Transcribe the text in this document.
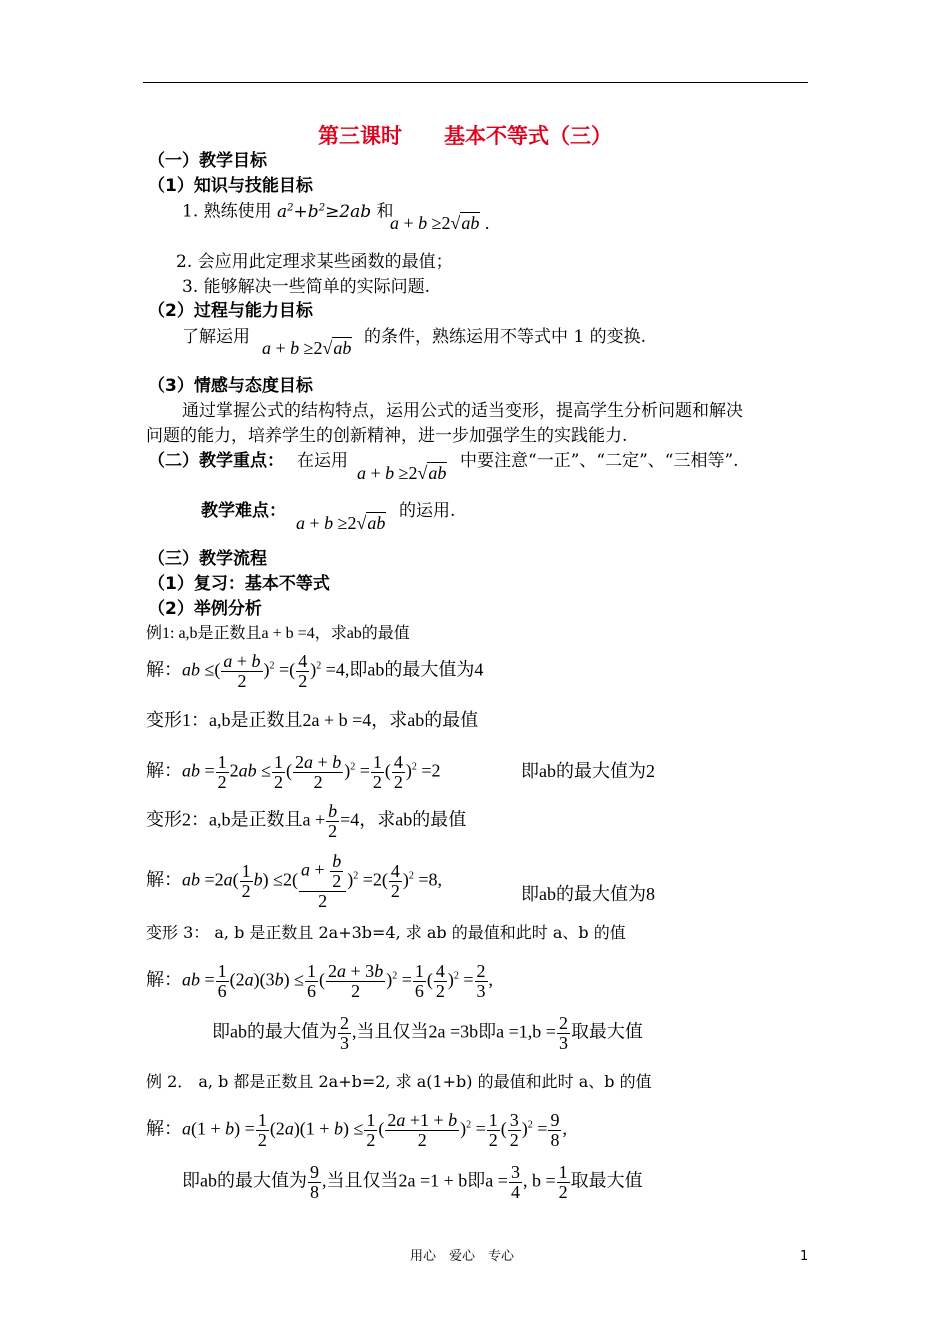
第三课时　　基本不等式（三）
（一）教学目标
（1）知识与技能目标
1. 熟练使用 $a^2+b^2\ge 2ab$ 和
a + b ≥2√ab .
2. 会应用此定理求某些函数的最值；
3. 能够解决一些简单的实际问题.
（2）过程与能力目标
了解运用
a + b ≥2√ab
的条件，熟练运用不等式中 1 的变换.
（3）情感与态度目标
通过掌握公式的结构特点，运用公式的适当变形，提高学生分析问题和解决
问题的能力，培养学生的创新精神，进一步加强学生的实践能力.
（二）教学重点： 在运用
a + b ≥2√ab
中要注意“一正”、“二定”、“三相等”.
教学难点：
a + b ≥2√ab
的运用.
（三）教学流程
（1）复习：基本不等式
（2）举例分析
例1: a,b是正数且a + b =4，求ab的最值
解：ab ≤( $\frac{a + b}{2} )^2$ =( $\frac{4}{2} )^2 =4$,即ab的最大值为4
变形1：a,b是正数且2a + b =4，求ab的最值
解：ab = $\frac{1}{2} 2ab \le \frac{1}{2}$ ( $\frac{2a + b}{2} )^2 = \frac{1}{2}$ ( $\frac{4}{2} )^2 =2$	即ab的最大值为2
变形2：a,b是正数且$a + \frac{b}{2} =4$，求ab的最值
解：ab $=2a( \frac{1}{2} b) \le 2( \frac{a + \frac{b}{2}}{2} )^2 =2( \frac{4}{2} )^2 =8$,
即ab的最大值为8
变形 3： a, b 是正数且 2a+3b=4, 求 ab 的最值和此时 a、b 的值
解：ab = $\frac{1}{6} (2a)(3b) \le \frac{1}{6}$ ( $\frac{2a + 3b}{2} )^2 = \frac{1}{6}$ ( $\frac{4}{2} )^2 = \frac{2}{3}$ ,
即ab的最大值为 $\frac{2}{3}$ ,当且仅当2a =3b即$a =1,b = \frac{2}{3}$ 取最大值
例 2． a, b 都是正数且 2a+b=2, 求 a(1+b) 的最值和此时 a、b 的值
解：$a(1 + b) = \frac{1}{2} (2a)(1 + b) \le \frac{1}{2}$ ( $\frac{2a +1 + b}{2} )^2 = \frac{1}{2}$ ( $\frac{3}{2} )^2 = \frac{9}{8}$ ,
即ab的最大值为 $\frac{9}{8}$ ,当且仅当2a =1 + b即$a = \frac{3}{4}$ , $b = \frac{1}{2}$ 取最大值
用心　爱心　专心	1
